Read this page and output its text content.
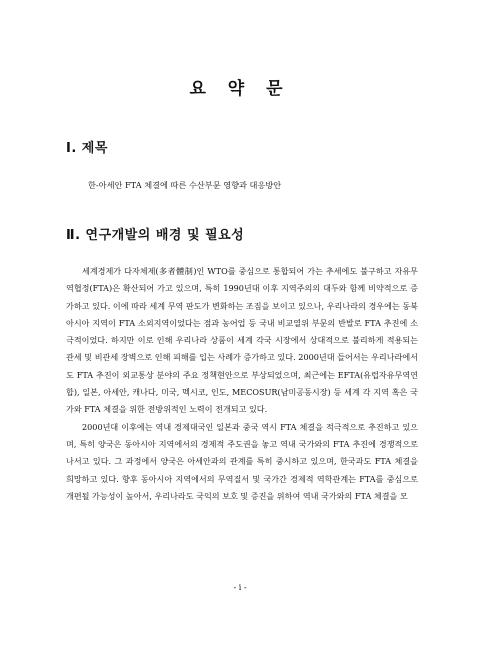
요 약 문
Ⅰ. 제목
한-아세안 FTA 체결에 따른 수산부문 영향과 대응방안
Ⅱ. 연구개발의 배경 및 필요성

세계경제가 다자체제(多者體制)인 WTO를 중심으로 통합되어 가는 추세에도 불구하고 자유무역협정(FTA)은 확산되어 가고 있으며, 특히 1990년대 이후 지역주의의 대두와 함께 비약적으로 증가하고 있다. 이에 따라 세계 무역 판도가 변화하는 조짐을 보이고 있으나, 우리나라의 경우에는 동북아시아 지역이 FTA 소외지역이었다는 점과 농어업 등 국내 비교열위 부문의 반발로 FTA 추진에 소극적이었다. 하지만 이로 인해 우리나라 상품이 세계 각국 시장에서 상대적으로 불리하게 적용되는 관세 및 비관세 장벽으로 인해 피해를 입는 사례가 증가하고 있다. 2000년대 들어서는 우리나라에서도 FTA 추진이 외교통상 분야의 주요 정책현안으로 부상되었으며, 최근에는 EFTA(유럽자유무역연합), 일본, 아세안, 캐나다, 미국, 멕시코, 인도, MECOSUR(남미공동시장) 등 세계 각 지역 혹은 국가와 FTA 체결을 위한 전방위적인 노력이 전개되고 있다.

2000년대 이후에는 역내 경제대국인 일본과 중국 역시 FTA 체결을 적극적으로 추진하고 있으며, 특히 양국은 동아시아 지역에서의 경제적 주도권을 놓고 역내 국가와의 FTA 추진에 경쟁적으로 나서고 있다. 그 과정에서 양국은 아세안과의 관계를 특히 중시하고 있으며, 한국과도 FTA 체결을 희망하고 있다. 향후 동아시아 지역에서의 무역질서 및 국가간 경제적 역학관계는 FTA를 중심으로 개편될 가능성이 높아서, 우리나라도 국익의 보호 및 증진을 위하여 역내 국가와의 FTA 체결을 모

- i -
